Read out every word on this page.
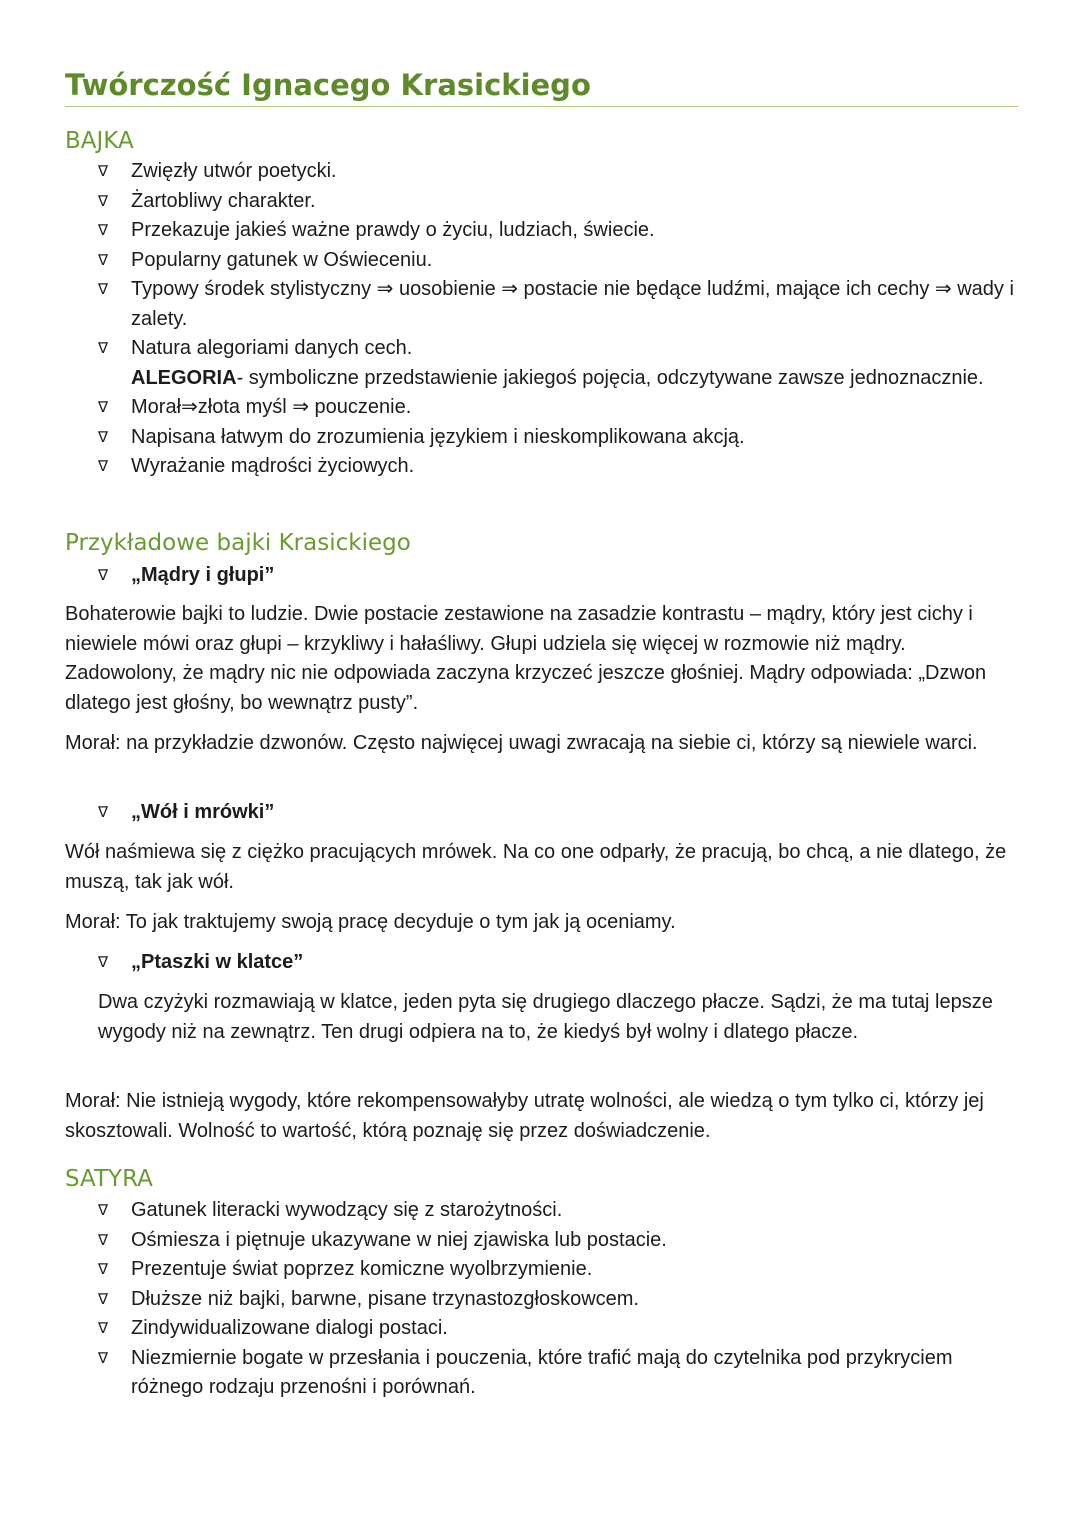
Twórczość Ignacego Krasickiego
BAJKA
∇	Zwięzły utwór poetycki.
∇	Żartobliwy charakter.
∇	Przekazuje jakieś ważne prawdy o życiu, ludziach, świecie.
∇	Popularny gatunek w Oświeceniu.
∇	Typowy środek stylistyczny ⇒ uosobienie ⇒ postacie nie będące ludźmi, mające ich cechy ⇒ wady i zalety.
∇	Natura alegoriami danych cech.
ALEGORIA- symboliczne przedstawienie jakiegoś pojęcia, odczytywane zawsze jednoznacznie.
∇	Morał⇒złota myśl ⇒ pouczenie.
∇	Napisana łatwym do zrozumienia językiem i nieskomplikowana akcją.
∇	Wyrażanie mądrości życiowych.
Przykładowe bajki Krasickiego
∇	„Mądry i głupi”

Bohaterowie bajki to ludzie. Dwie postacie zestawione na zasadzie kontrastu – mądry, który jest cichy i niewiele mówi oraz głupi – krzykliwy i hałaśliwy. Głupi udziela się więcej w rozmowie niż mądry. Zadowolony, że mądry nic nie odpowiada zaczyna krzyczeć jeszcze głośniej. Mądry odpowiada: „Dzwon dlatego jest głośny, bo wewnątrz pusty”.

Morał: na przykładzie dzwonów. Często najwięcej uwagi zwracają na siebie ci, którzy są niewiele warci.

∇	„Wół i mrówki”

Wół naśmiewa się z ciężko pracujących mrówek. Na co one odparły, że pracują, bo chcą, a nie dlatego, że muszą, tak jak wół.

Morał: To jak traktujemy swoją pracę decyduje o tym jak ją oceniamy.

∇	„Ptaszki w klatce”

Dwa czyżyki rozmawiają w klatce, jeden pyta się drugiego dlaczego płacze. Sądzi, że ma tutaj lepsze wygody niż na zewnątrz. Ten drugi odpiera na to, że kiedyś był wolny i dlatego płacze.

Morał: Nie istnieją wygody, które rekompensowałyby utratę wolności, ale wiedzą o tym tylko ci, którzy jej skosztowali. Wolność to wartość, którą poznaję się przez doświadczenie.

SATYRA
∇	Gatunek literacki wywodzący się z starożytności.
∇	Ośmiesza i piętnuje ukazywane w niej zjawiska lub postacie.
∇	Prezentuje świat poprzez komiczne wyolbrzymienie.
∇	Dłuższe niż bajki, barwne, pisane trzynastozgłoskowcem.
∇	Zindywidualizowane dialogi postaci.
∇	Niezmiernie bogate w przesłania i pouczenia, które trafić mają do czytelnika pod przykryciem różnego rodzaju przenośni i porównań.
